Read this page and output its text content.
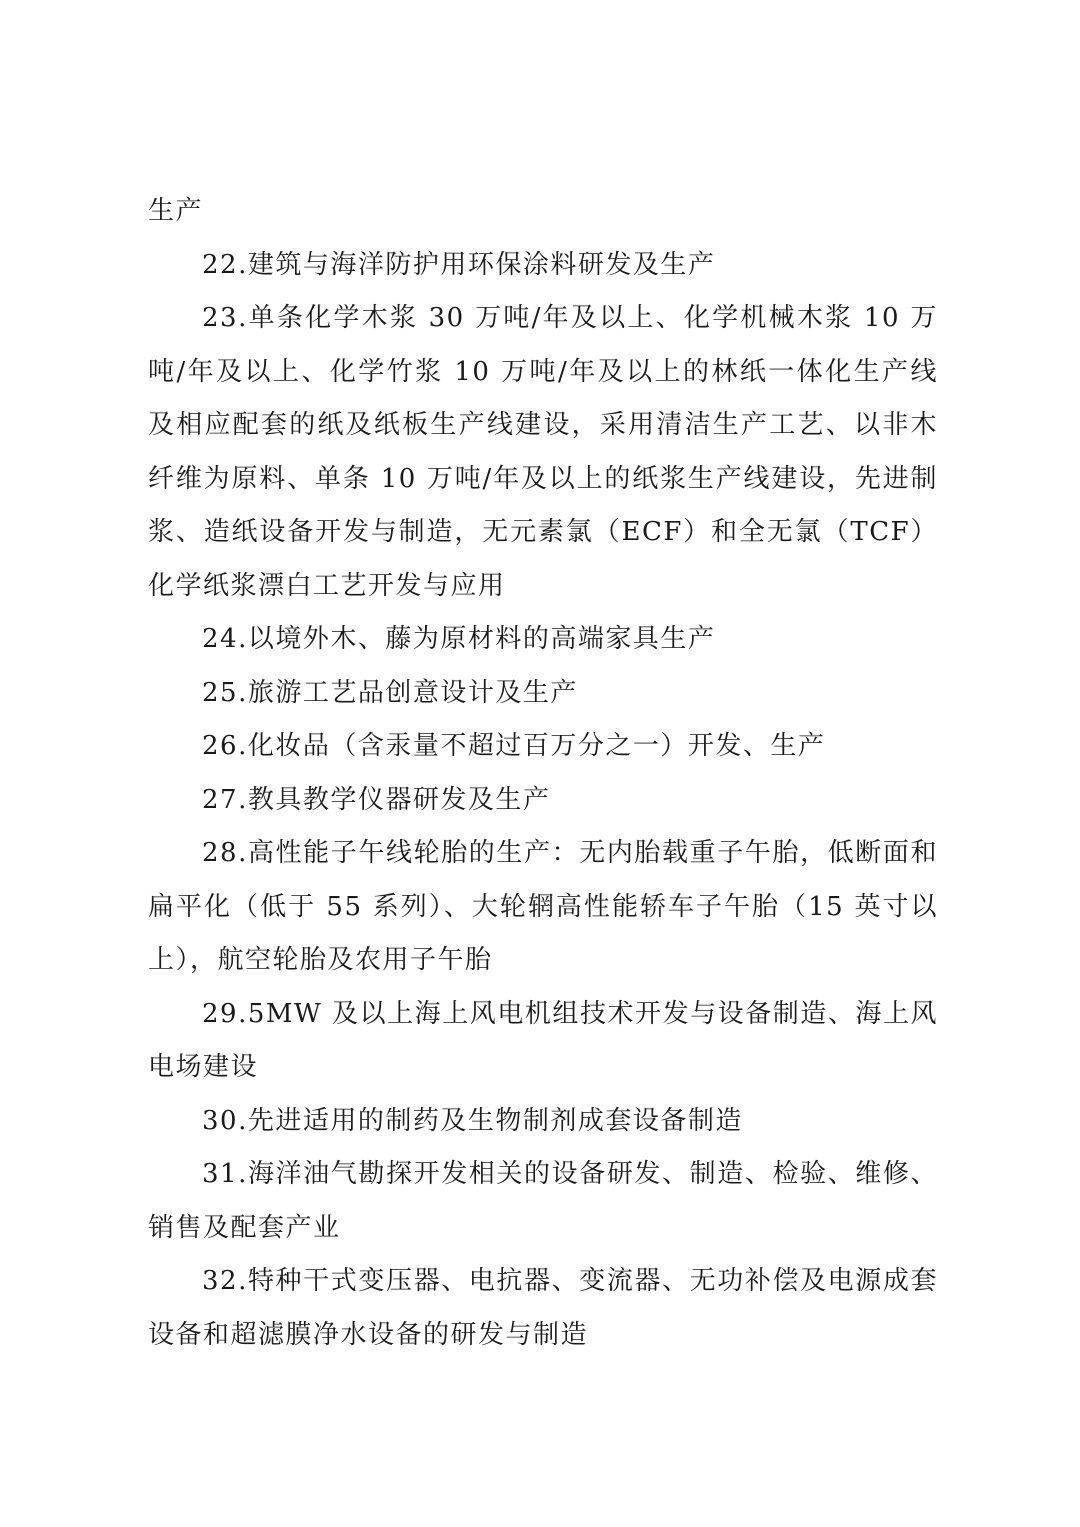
生产

22.建筑与海洋防护用环保涂料研发及生产

23.单条化学木浆 30 万吨/年及以上、化学机械木浆 10 万吨/年及以上、化学竹浆 10 万吨/年及以上的林纸一体化生产线及相应配套的纸及纸板生产线建设，采用清洁生产工艺、以非木纤维为原料、单条 10 万吨/年及以上的纸浆生产线建设，先进制浆、造纸设备开发与制造，无元素氯（ECF）和全无氯（TCF）化学纸浆漂白工艺开发与应用

24.以境外木、藤为原材料的高端家具生产

25.旅游工艺品创意设计及生产

26.化妆品（含汞量不超过百万分之一）开发、生产

27.教具教学仪器研发及生产

28.高性能子午线轮胎的生产：无内胎载重子午胎，低断面和扁平化（低于 55 系列）、大轮辋高性能轿车子午胎（15 英寸以上），航空轮胎及农用子午胎

29.5MW 及以上海上风电机组技术开发与设备制造、海上风电场建设

30.先进适用的制药及生物制剂成套设备制造

31.海洋油气勘探开发相关的设备研发、制造、检验、维修、销售及配套产业

32.特种干式变压器、电抗器、变流器、无功补偿及电源成套设备和超滤膜净水设备的研发与制造
